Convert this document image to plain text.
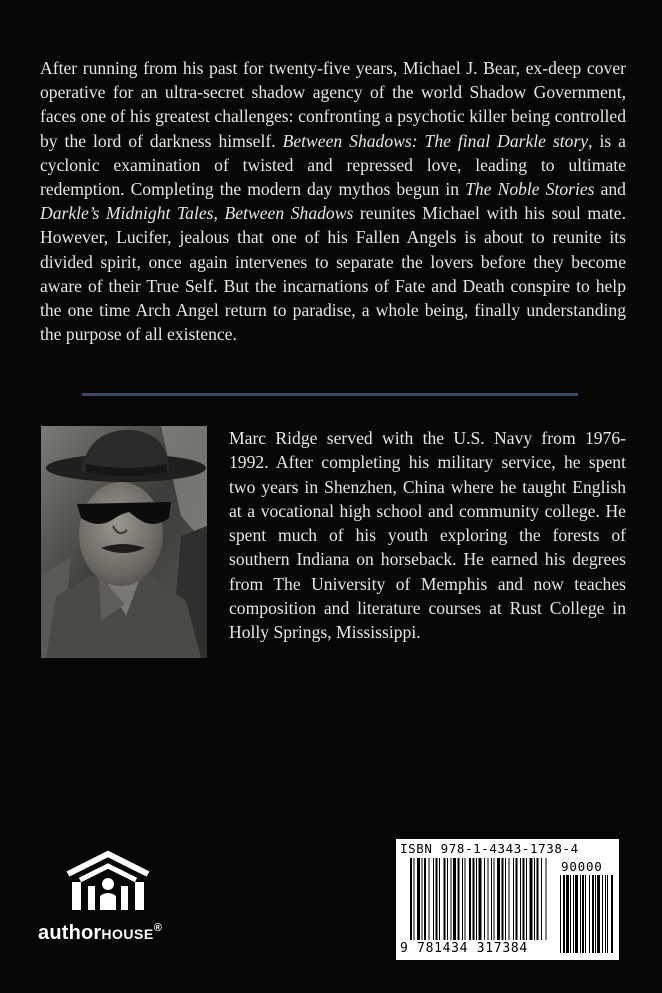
After running from his past for twenty-five years, Michael J. Bear, ex-deep cover operative for an ultra-secret shadow agency of the world Shadow Government, faces one of his greatest challenges: confronting a psychotic killer being controlled by the lord of darkness himself. Between Shadows: The final Darkle story, is a cyclonic examination of twisted and repressed love, leading to ultimate redemption. Completing the modern day mythos begun in The Noble Stories and Darkle’s Midnight Tales, Between Shadows reunites Michael with his soul mate. However, Lucifer, jealous that one of his Fallen Angels is about to reunite its divided spirit, once again intervenes to separate the lovers before they become aware of their True Self. But the incarnations of Fate and Death conspire to help the one time Arch Angel return to paradise, a whole being, finally understanding the purpose of all existence.

Marc Ridge served with the U.S. Navy from 1976-1992. After completing his military service, he spent two years in Shenzhen, China where he taught English at a vocational high school and community college. He spent much of his youth exploring the forests of southern Indiana on horseback. He earned his degrees from The University of Memphis and now teaches composition and literature courses at Rust College in Holly Springs, Mississippi.

authorHOUSE®
ISBN 978-1-4343-1738-4
90000
9 781434 317384
